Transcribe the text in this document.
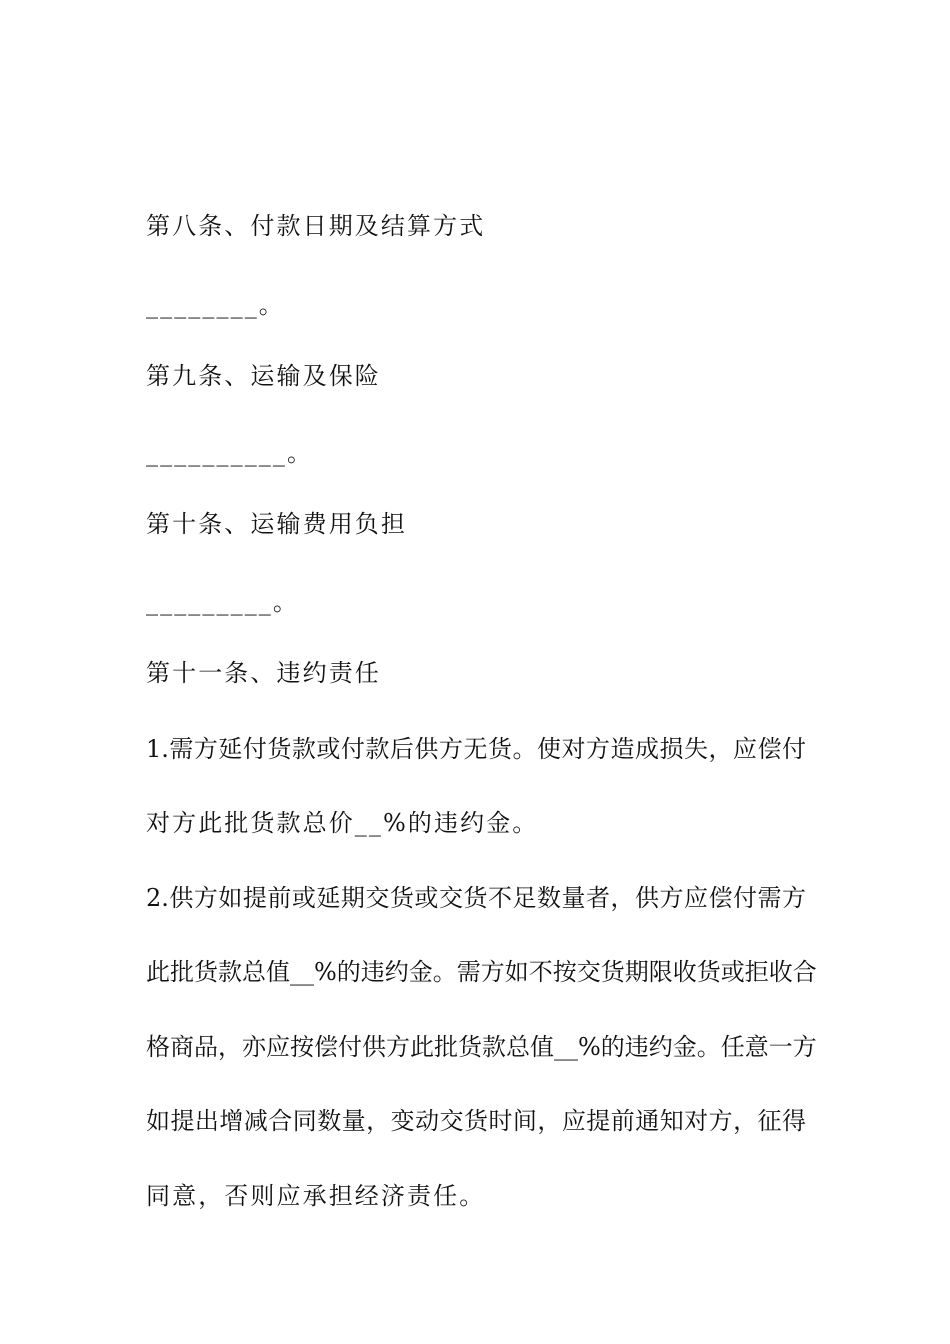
第八条、付款日期及结算方式
________。
第九条、运输及保险
__________。
第十条、运输费用负担
_________。
第十一条、违约责任
1.需方延付货款或付款后供方无货。使对方造成损失，应偿付
对方此批货款总价__%的违约金。
2.供方如提前或延期交货或交货不足数量者，供方应偿付需方
此批货款总值__%的违约金。需方如不按交货期限收货或拒收合
格商品，亦应按偿付供方此批货款总值__%的违约金。任意一方
如提出增减合同数量，变动交货时间，应提前通知对方，征得
同意，否则应承担经济责任。
